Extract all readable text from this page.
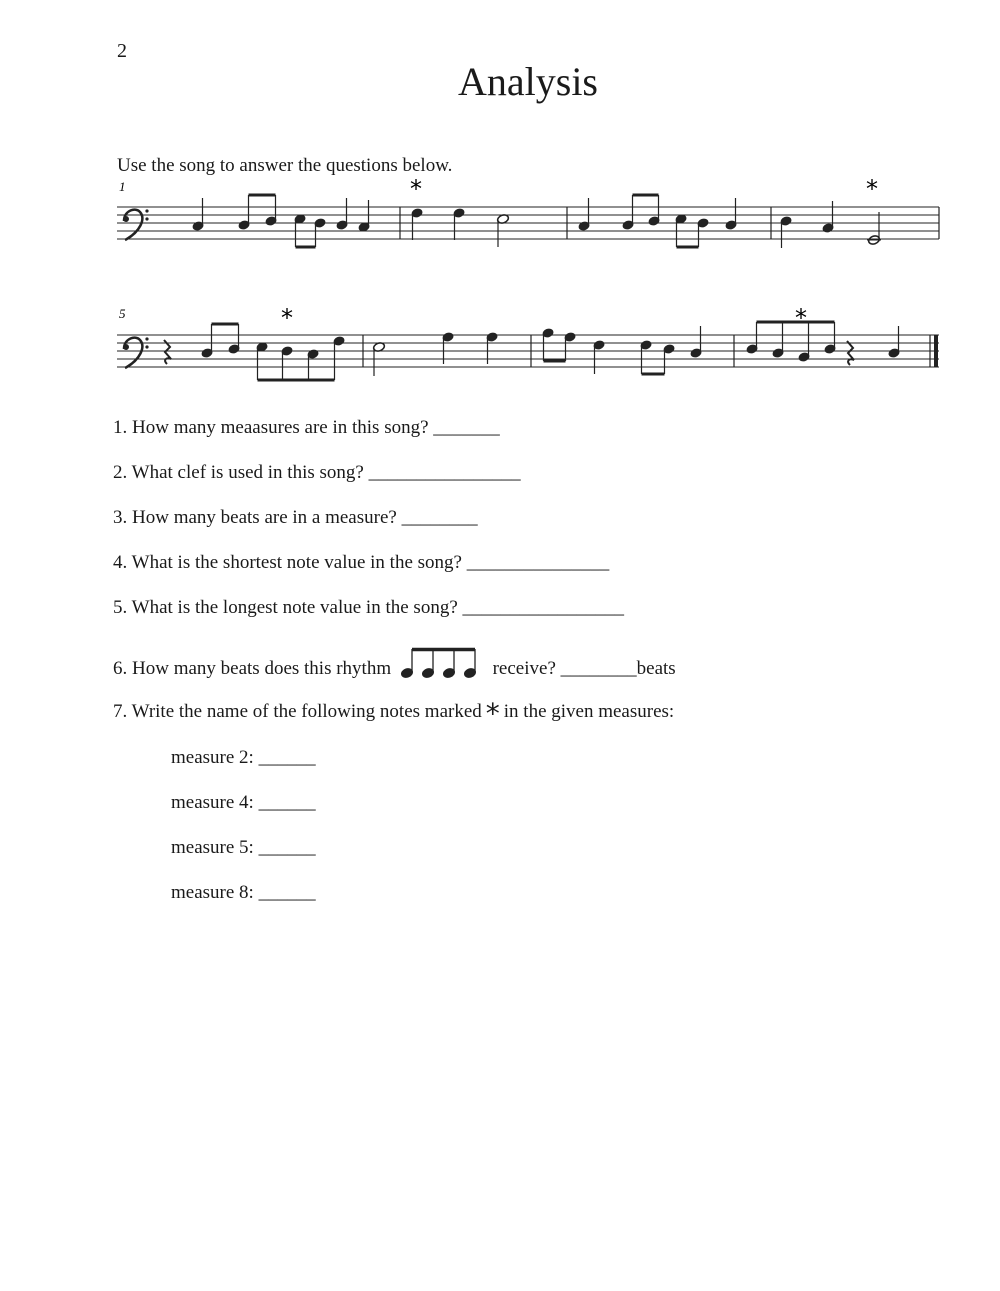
2
Analysis
Use the song to answer the questions below.
1	*	*
5	*	*
1. How many meaasures are in this song? _______
2. What clef is used in this song? ________________
3. How many beats are in a measure? ________
4. What is the shortest note value in the song? _______________
5. What is the longest note value in the song? _________________
6. How many beats does this rhythm	receive? ________beats
7. Write the name of the following notes marked * in the given measures:
measure 2: ______
measure 4: ______
measure 5: ______
measure 8: ______
